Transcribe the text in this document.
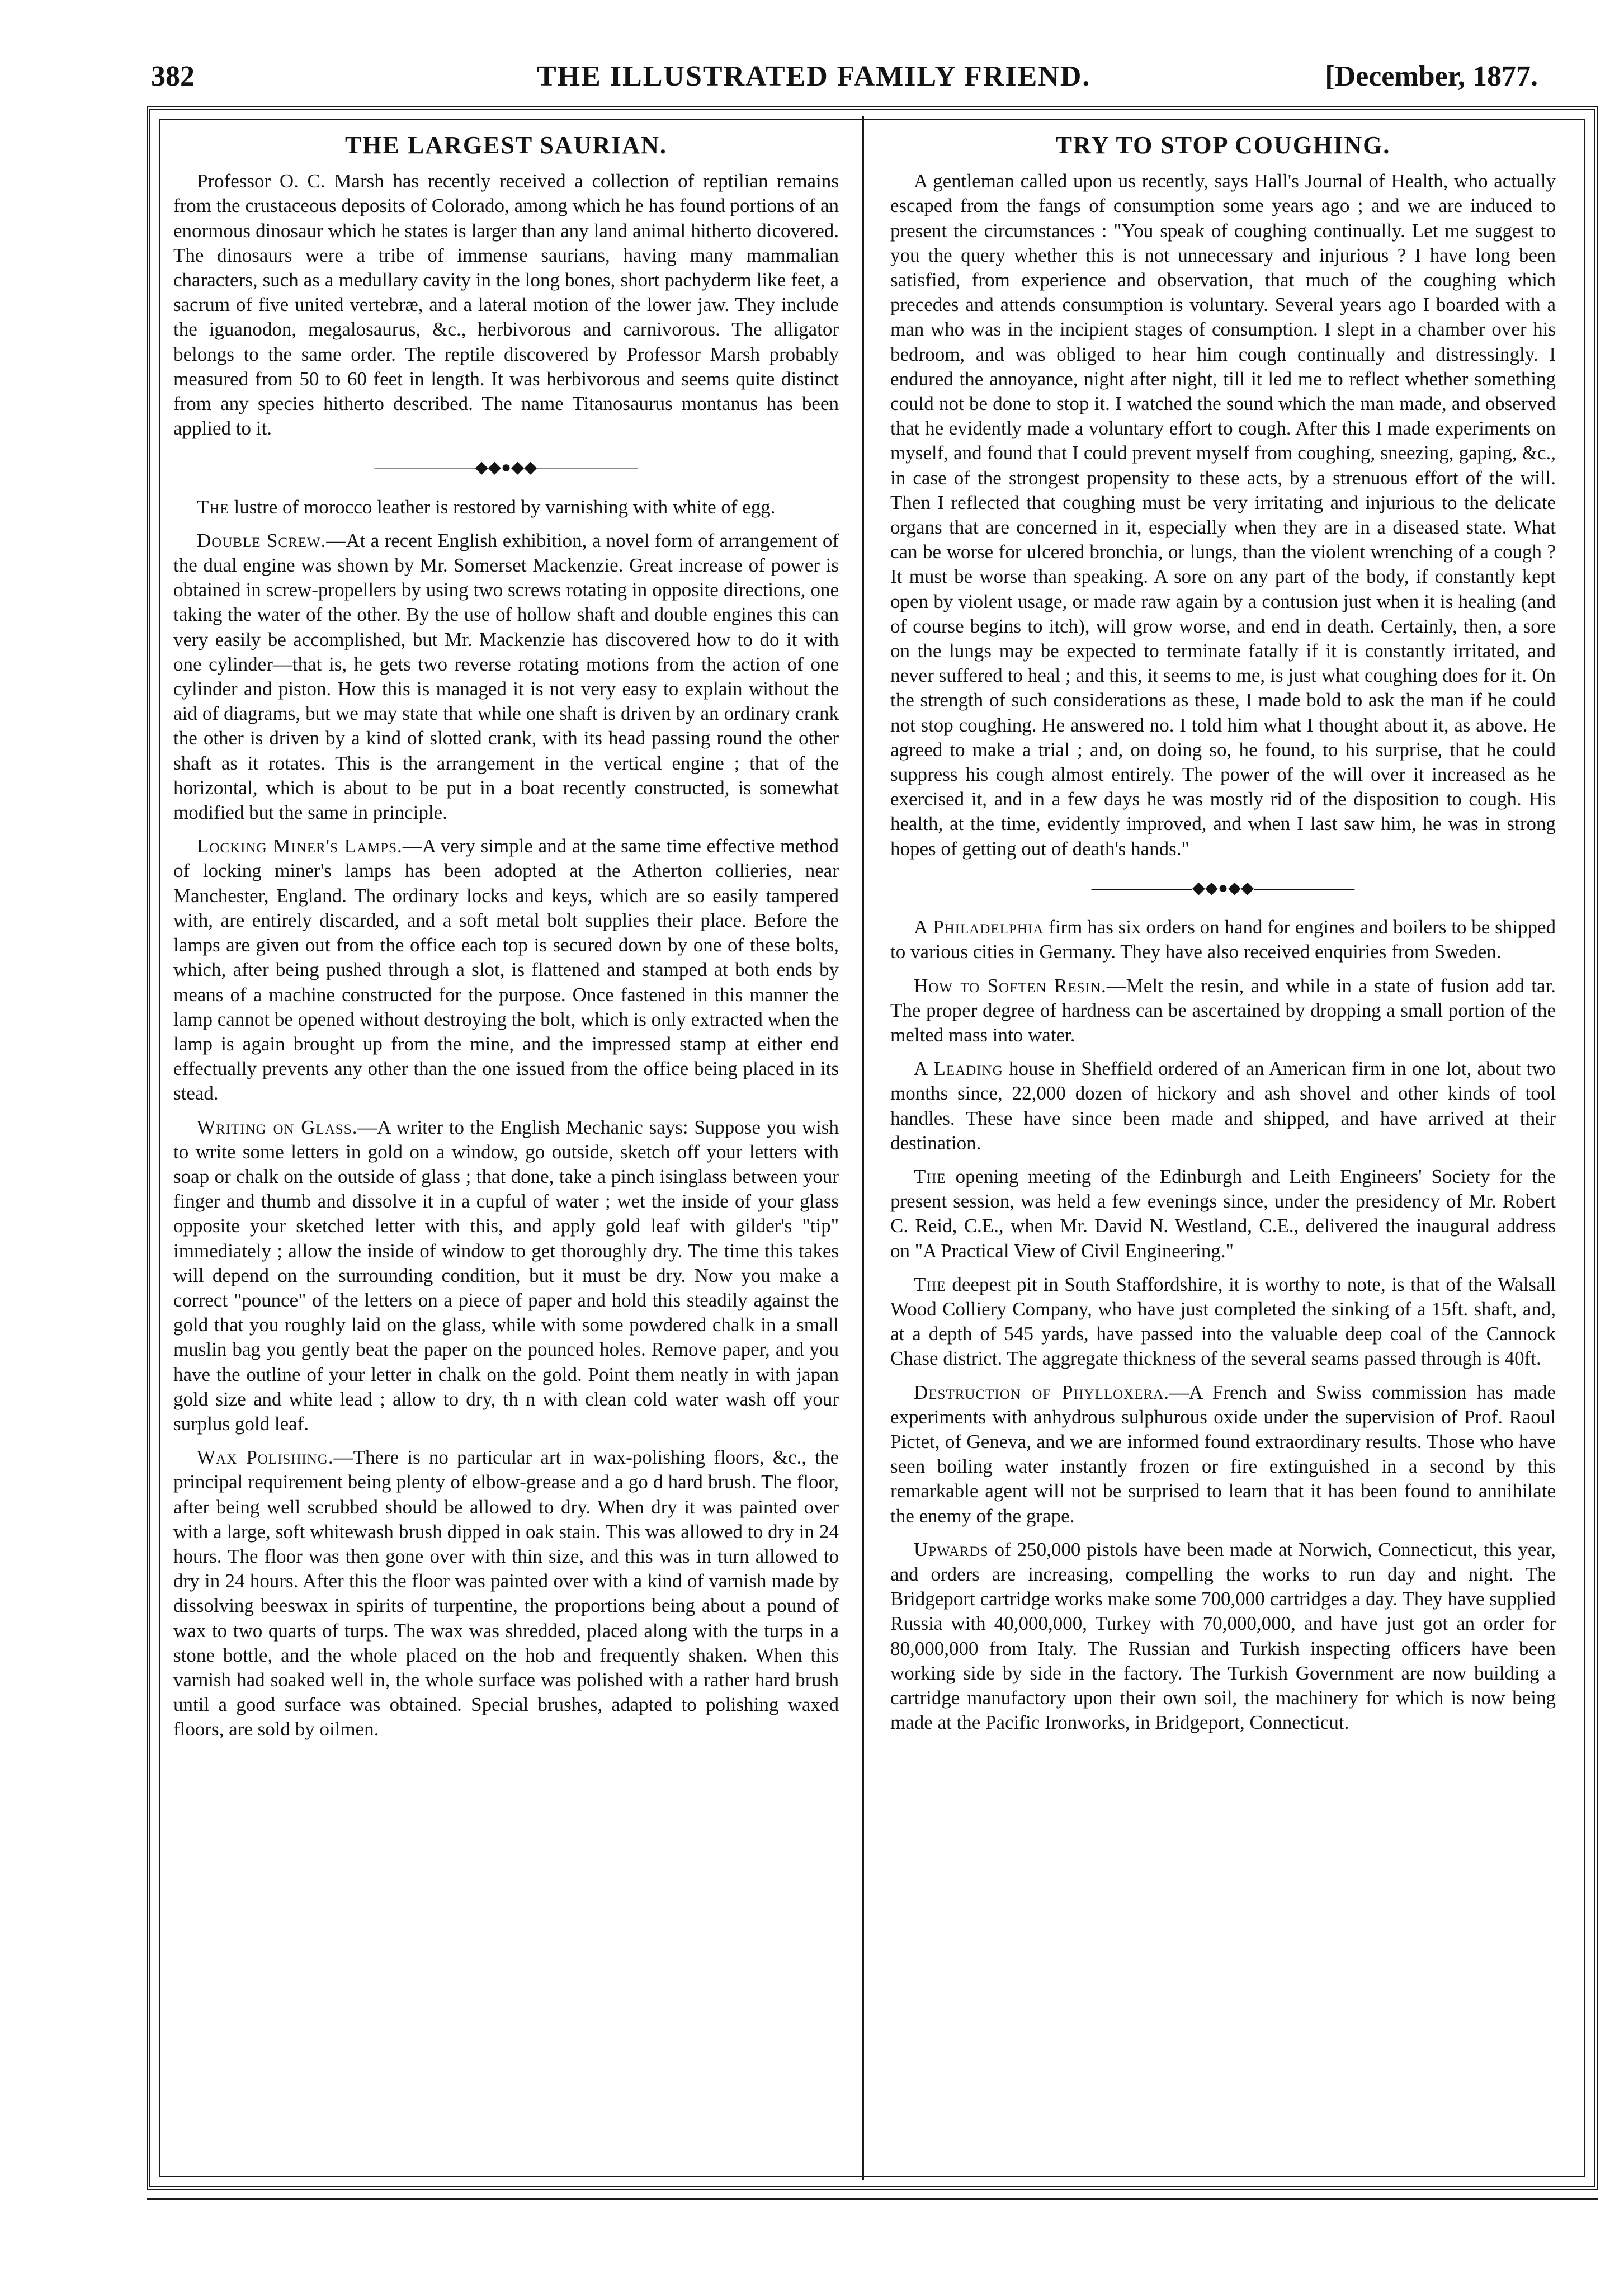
382	THE ILLUSTRATED FAMILY FRIEND.	[December, 1877.
THE LARGEST SAURIAN.

Professor O. C. Marsh has recently received a collection of reptilian remains from the crustaceous deposits of Colorado, among which he has found portions of an enormous dinosaur which he states is larger than any land animal hitherto dicovered. The dinosaurs were a tribe of immense saurians, having many mammalian characters, such as a medullary cavity in the long bones, short pachyderm like feet, a sacrum of five united vertebræ, and a lateral motion of the lower jaw. They include the iguanodon, megalosaurus, &c., herbivorous and carnivorous. The alligator belongs to the same order. The reptile discovered by Professor Marsh probably measured from 50 to 60 feet in length. It was herbivorous and seems quite distinct from any species hitherto described. The name Titanosaurus montanus has been applied to it.

——————◆◆●◆◆——————

The lustre of morocco leather is restored by varnishing with white of egg.

Double Screw.—At a recent English exhibition, a novel form of arrangement of the dual engine was shown by Mr. Somerset Mackenzie. Great increase of power is obtained in screw-propellers by using two screws rotating in opposite directions, one taking the water of the other. By the use of hollow shaft and double engines this can very easily be accomplished, but Mr. Mackenzie has discovered how to do it with one cylinder—that is, he gets two reverse rotating motions from the action of one cylinder and piston. How this is managed it is not very easy to explain without the aid of diagrams, but we may state that while one shaft is driven by an ordinary crank the other is driven by a kind of slotted crank, with its head passing round the other shaft as it rotates. This is the arrangement in the vertical engine ; that of the horizontal, which is about to be put in a boat recently constructed, is somewhat modified but the same in principle.

Locking Miner's Lamps.—A very simple and at the same time effective method of locking miner's lamps has been adopted at the Atherton collieries, near Manchester, England. The ordinary locks and keys, which are so easily tampered with, are entirely discarded, and a soft metal bolt supplies their place. Before the lamps are given out from the office each top is secured down by one of these bolts, which, after being pushed through a slot, is flattened and stamped at both ends by means of a machine constructed for the purpose. Once fastened in this manner the lamp cannot be opened without destroying the bolt, which is only extracted when the lamp is again brought up from the mine, and the impressed stamp at either end effectually prevents any other than the one issued from the office being placed in its stead.

Writing on Glass.—A writer to the English Mechanic says: Suppose you wish to write some letters in gold on a window, go outside, sketch off your letters with soap or chalk on the outside of glass ; that done, take a pinch isinglass between your finger and thumb and dissolve it in a cupful of water ; wet the inside of your glass opposite your sketched letter with this, and apply gold leaf with gilder's "tip" immediately ; allow the inside of window to get thoroughly dry. The time this takes will depend on the surrounding condition, but it must be dry. Now you make a correct "pounce" of the letters on a piece of paper and hold this steadily against the gold that you roughly laid on the glass, while with some powdered chalk in a small muslin bag you gently beat the paper on the pounced holes. Remove paper, and you have the outline of your letter in chalk on the gold. Point them neatly in with japan gold size and white lead ; allow to dry, th n with clean cold water wash off your surplus gold leaf.

Wax Polishing.—There is no particular art in wax-polishing floors, &c., the principal requirement being plenty of elbow-grease and a go d hard brush. The floor, after being well scrubbed should be allowed to dry. When dry it was painted over with a large, soft whitewash brush dipped in oak stain. This was allowed to dry in 24 hours. The floor was then gone over with thin size, and this was in turn allowed to dry in 24 hours. After this the floor was painted over with a kind of varnish made by dissolving beeswax in spirits of turpentine, the proportions being about a pound of wax to two quarts of turps. The wax was shredded, placed along with the turps in a stone bottle, and the whole placed on the hob and frequently shaken. When this varnish had soaked well in, the whole surface was polished with a rather hard brush until a good surface was obtained. Special brushes, adapted to polishing waxed floors, are sold by oilmen.

TRY TO STOP COUGHING.

A gentleman called upon us recently, says Hall's Journal of Health, who actually escaped from the fangs of consumption some years ago ; and we are induced to present the circumstances : "You speak of coughing continually. Let me suggest to you the query whether this is not unnecessary and injurious ? I have long been satisfied, from experience and observation, that much of the coughing which precedes and attends consumption is voluntary. Several years ago I boarded with a man who was in the incipient stages of consumption. I slept in a chamber over his bedroom, and was obliged to hear him cough continually and distressingly. I endured the annoyance, night after night, till it led me to reflect whether something could not be done to stop it. I watched the sound which the man made, and observed that he evidently made a voluntary effort to cough. After this I made experiments on myself, and found that I could prevent myself from coughing, sneezing, gaping, &c., in case of the strongest propensity to these acts, by a strenuous effort of the will. Then I reflected that coughing must be very irritating and injurious to the delicate organs that are concerned in it, especially when they are in a diseased state. What can be worse for ulcered bronchia, or lungs, than the violent wrenching of a cough ? It must be worse than speaking. A sore on any part of the body, if constantly kept open by violent usage, or made raw again by a contusion just when it is healing (and of course begins to itch), will grow worse, and end in death. Certainly, then, a sore on the lungs may be expected to terminate fatally if it is constantly irritated, and never suffered to heal ; and this, it seems to me, is just what coughing does for it. On the strength of such considerations as these, I made bold to ask the man if he could not stop coughing. He answered no. I told him what I thought about it, as above. He agreed to make a trial ; and, on doing so, he found, to his surprise, that he could suppress his cough almost entirely. The power of the will over it increased as he exercised it, and in a few days he was mostly rid of the disposition to cough. His health, at the time, evidently improved, and when I last saw him, he was in strong hopes of getting out of death's hands."

——————◆◆●◆◆——————

A Philadelphia firm has six orders on hand for engines and boilers to be shipped to various cities in Germany. They have also received enquiries from Sweden.

How to Soften Resin.—Melt the resin, and while in a state of fusion add tar. The proper degree of hardness can be ascertained by dropping a small portion of the melted mass into water.

A Leading house in Sheffield ordered of an American firm in one lot, about two months since, 22,000 dozen of hickory and ash shovel and other kinds of tool handles. These have since been made and shipped, and have arrived at their destination.

The opening meeting of the Edinburgh and Leith Engineers' Society for the present session, was held a few evenings since, under the presidency of Mr. Robert C. Reid, C.E., when Mr. David N. Westland, C.E., delivered the inaugural address on "A Practical View of Civil Engineering."

The deepest pit in South Staffordshire, it is worthy to note, is that of the Walsall Wood Colliery Company, who have just completed the sinking of a 15ft. shaft, and, at a depth of 545 yards, have passed into the valuable deep coal of the Cannock Chase district. The aggregate thickness of the several seams passed through is 40ft.

Destruction of Phylloxera.—A French and Swiss commission has made experiments with anhydrous sulphurous oxide under the supervision of Prof. Raoul Pictet, of Geneva, and we are informed found extraordinary results. Those who have seen boiling water instantly frozen or fire extinguished in a second by this remarkable agent will not be surprised to learn that it has been found to annihilate the enemy of the grape.

Upwards of 250,000 pistols have been made at Norwich, Connecticut, this year, and orders are increasing, compelling the works to run day and night. The Bridgeport cartridge works make some 700,000 cartridges a day. They have supplied Russia with 40,000,000, Turkey with 70,000,000, and have just got an order for 80,000,000 from Italy. The Russian and Turkish inspecting officers have been working side by side in the factory. The Turkish Government are now building a cartridge manufactory upon their own soil, the machinery for which is now being made at the Pacific Ironworks, in Bridgeport, Connecticut.
